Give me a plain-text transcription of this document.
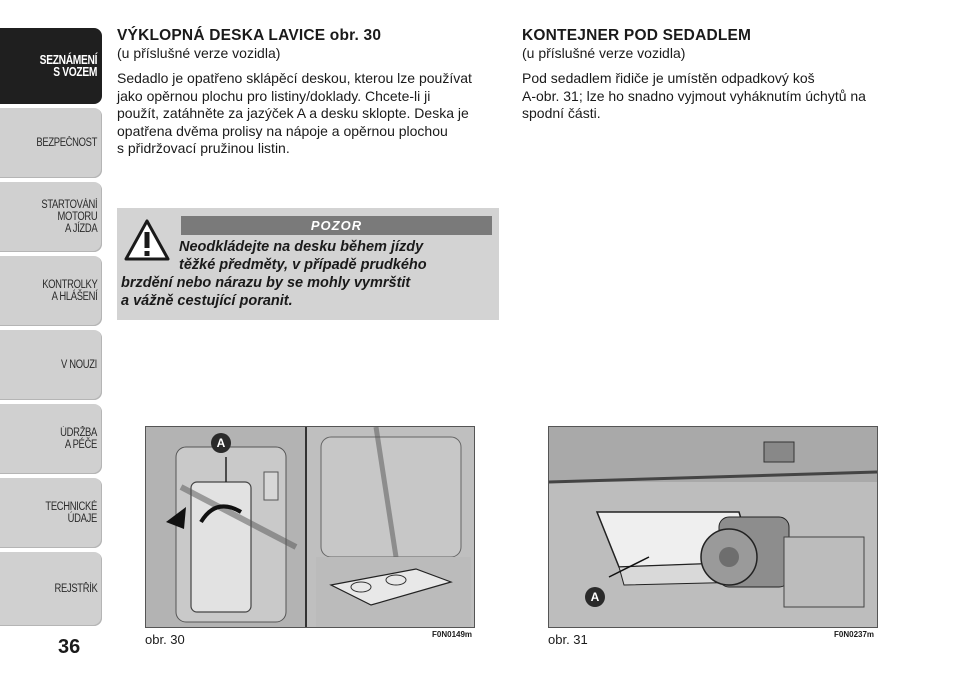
SEZNÁMENÍ
S VOZEM
BEZPEČNOST
STARTOVÁNÍ
MOTORU
A JÍZDA
KONTROLKY
A HLÁŠENÍ
V NOUZI
ÚDRŽBA
A PÉČE
TECHNICKÉ
ÚDAJE
REJSTŘÍK
36
VÝKLOPNÁ DESKA LAVICE obr. 30

(u příslušné verze vozidla)

Sedadlo je opatřeno sklápěcí deskou, kterou lze používat
jako opěrnou plochu pro listiny/doklady. Chcete-li ji
použít, zatáhněte za jazýček A a desku sklopte. Deska je
opatřena dvěma prolisy na nápoje a opěrnou plochou
s přidržovací pružinou listin.

POZOR
Neodkládejte na desku během jízdy
těžké předměty, v případě prudkého
brzdění nebo nárazu by se mohly vymrštit
a vážně cestující poranit.
KONTEJNER POD SEDADLEM

(u příslušné verze vozidla)

Pod sedadlem řidiče je umístěn odpadkový koš
A-obr. 31; lze ho snadno vyjmout vyháknutím úchytů na
spodní části.

A
obr. 30	F0N0149m
A
obr. 31	F0N0237m
